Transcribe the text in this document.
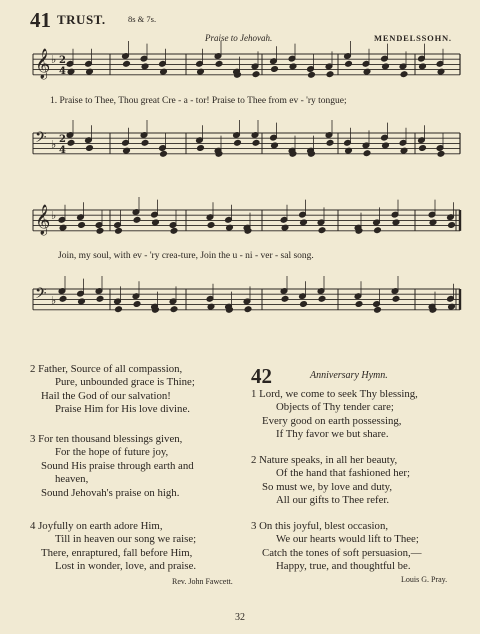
41 TRUST.	8s & 7s.
Praise to Jehovah.	MENDELSSOHN.
𝄞 ♭ 2
4
𝄢 ♭ 2
4
𝄞 ♭
𝄢 ♭
1. Praise to Thee, Thou great Cre - a - tor! Praise to Thee from ev - 'ry tongue;
Join, my soul, with ev - 'ry crea-ture, Join the u - ni - ver - sal song.
2 Father, Source of all compassion,
Pure, unbounded grace is Thine;
Hail the God of our salvation!
Praise Him for His love divine.
3 For ten thousand blessings given,
For the hope of future joy,
Sound His praise through earth and
heaven,
Sound Jehovah's praise on high.
4 Joyfully on earth adore Him,
Till in heaven our song we raise;
There, enraptured, fall before Him,
Lost in wonder, love, and praise.
Rev. John Fawcett.
42	Anniversary Hymn.
1 Lord, we come to seek Thy blessing,
Objects of Thy tender care;
Every good on earth possessing,
If Thy favor we but share.
2 Nature speaks, in all her beauty,
Of the hand that fashioned her;
So must we, by love and duty,
All our gifts to Thee refer.
3 On this joyful, blest occasion,
We our hearts would lift to Thee;
Catch the tones of soft persuasion,—
Happy, true, and thoughtful be.
Louis G. Pray.
32
